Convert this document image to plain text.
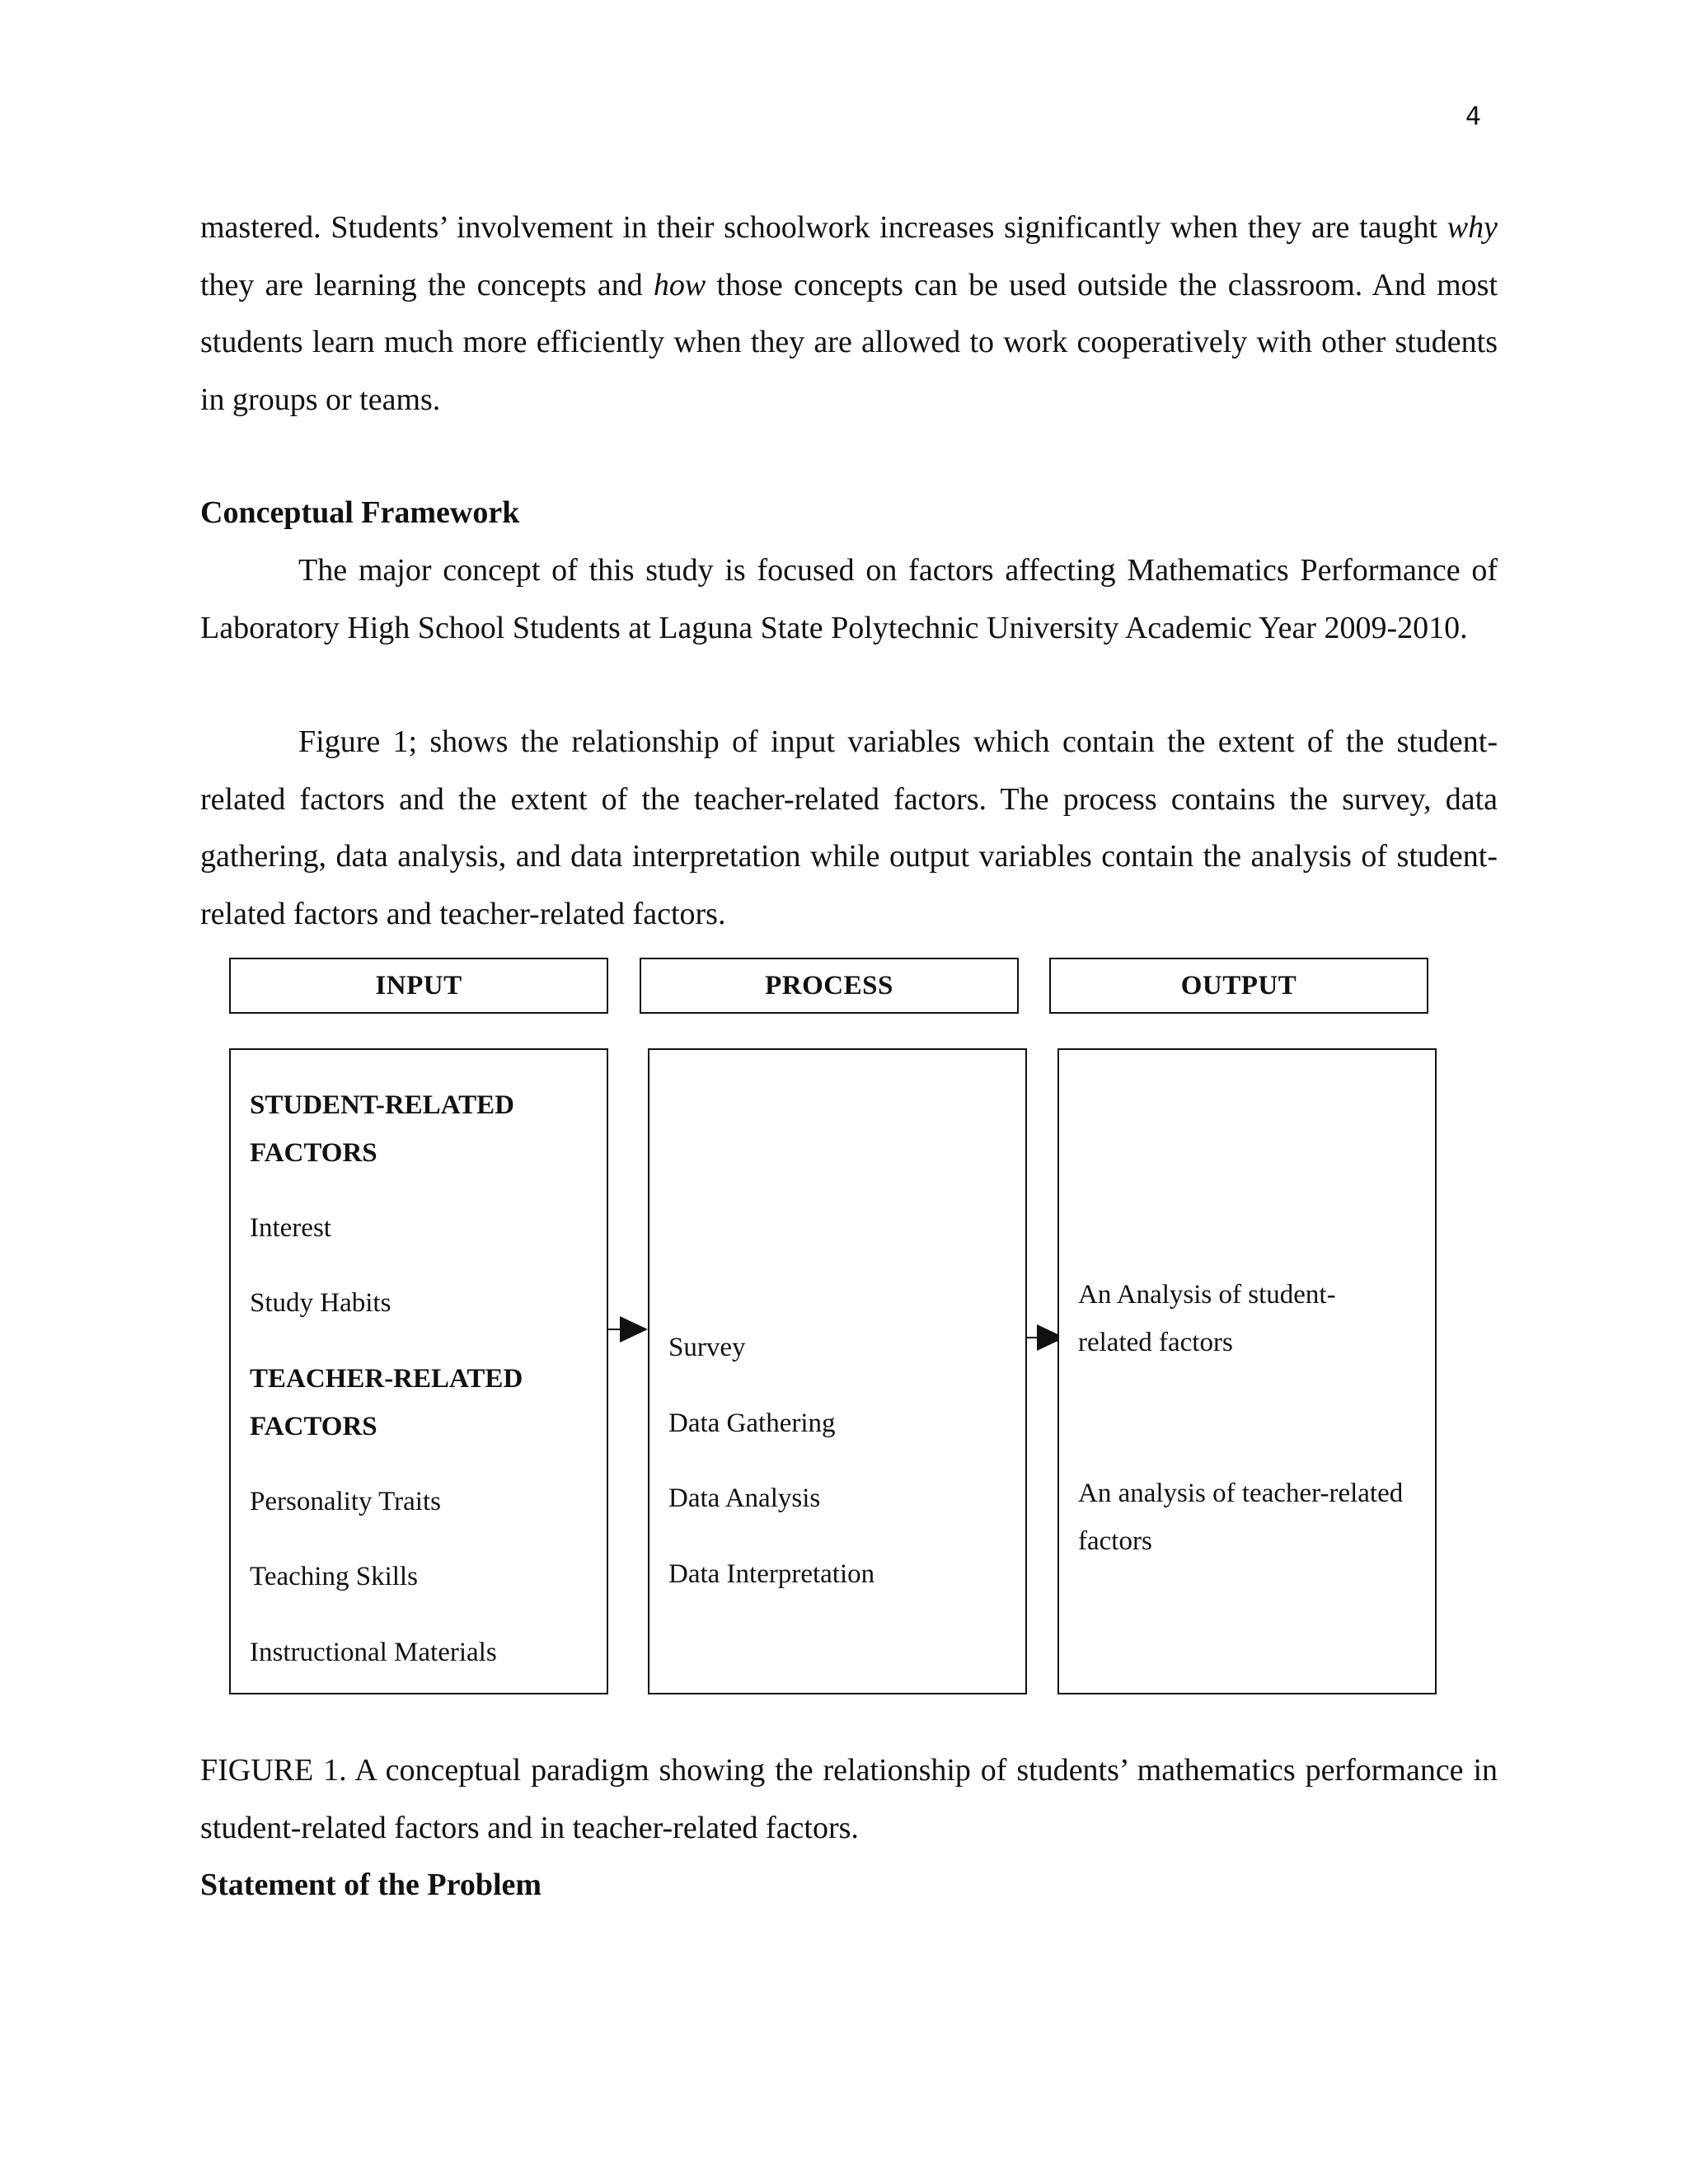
4

mastered. Students’ involvement in their schoolwork increases significantly when they are taught why they are learning the concepts and how those concepts can be used outside the classroom. And most students learn much more efficiently when they are allowed to work cooperatively with other students in groups or teams.

Conceptual Framework

The major concept of this study is focused on factors affecting Mathematics Performance of Laboratory High School Students at Laguna State Polytechnic University Academic Year 2009-2010.

Figure 1; shows the relationship of input variables which contain the extent of the student-related factors and the extent of the teacher-related factors. The process contains the survey, data gathering, data analysis, and data interpretation while output variables contain the analysis of student-related factors and teacher-related factors.

INPUT	PROCESS	OUTPUT
STUDENT-RELATED
FACTORS
Interest
Study Habits
TEACHER-RELATED
FACTORS
Personality Traits
Teaching Skills
Instructional Materials
Survey
Data Gathering
Data Analysis
Data Interpretation
An Analysis of student-
related factors
An analysis of teacher-related
factors

FIGURE 1. A conceptual paradigm showing the relationship of students’ mathematics performance in student-related factors and in teacher-related factors.

Statement of the Problem
